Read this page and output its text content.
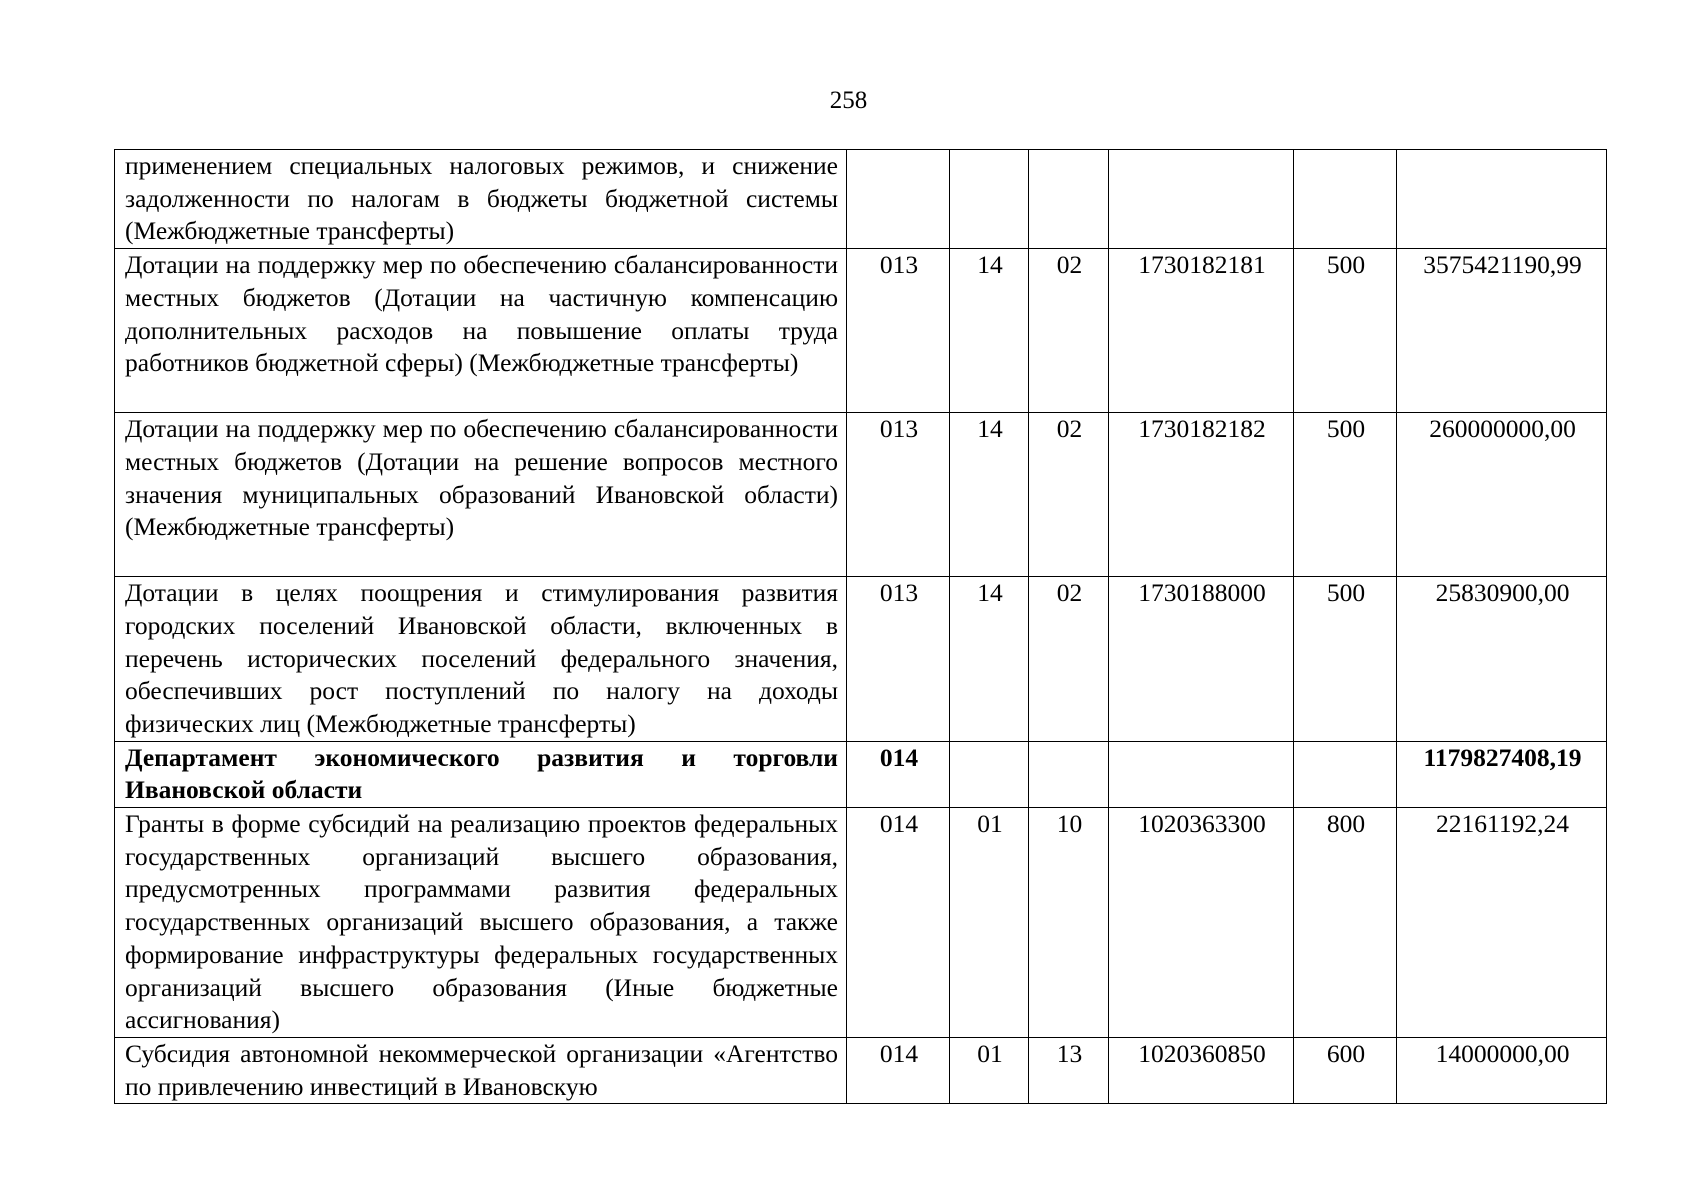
258
применением специальных налоговых режимов, и снижение задолженности по налогам в бюджеты бюджетной системы (Межбюджетные трансферты)						
Дотации на поддержку мер по обеспечению сбалансированности местных бюджетов (Дотации на частичную компенсацию дополнительных расходов на повышение оплаты труда работников бюджетной сферы) (Межбюджетные трансферты)	013	14	02	1730182181	500	3575421190,99
Дотации на поддержку мер по обеспечению сбалансированности местных бюджетов (Дотации на решение вопросов местного значения муниципальных образований Ивановской области) (Межбюджетные трансферты)	013	14	02	1730182182	500	260000000,00
Дотации в целях поощрения и стимулирования развития городских поселений Ивановской области, включенных в перечень исторических поселений федерального значения, обеспечивших рост поступлений по налогу на доходы физических лиц (Межбюджетные трансферты)	013	14	02	1730188000	500	25830900,00
Департамент экономического развития и торговли Ивановской области	014					1179827408,19
Гранты в форме субсидий на реализацию проектов федеральных государственных организаций высшего образования, предусмотренных программами развития федеральных государственных организаций высшего образования, а также формирование инфраструктуры федеральных государственных организаций высшего образования (Иные бюджетные ассигнования)	014	01	10	1020363300	800	22161192,24
Субсидия автономной некоммерческой организации «Агентство по привлечению инвестиций в Ивановскую	014	01	13	1020360850	600	14000000,00
